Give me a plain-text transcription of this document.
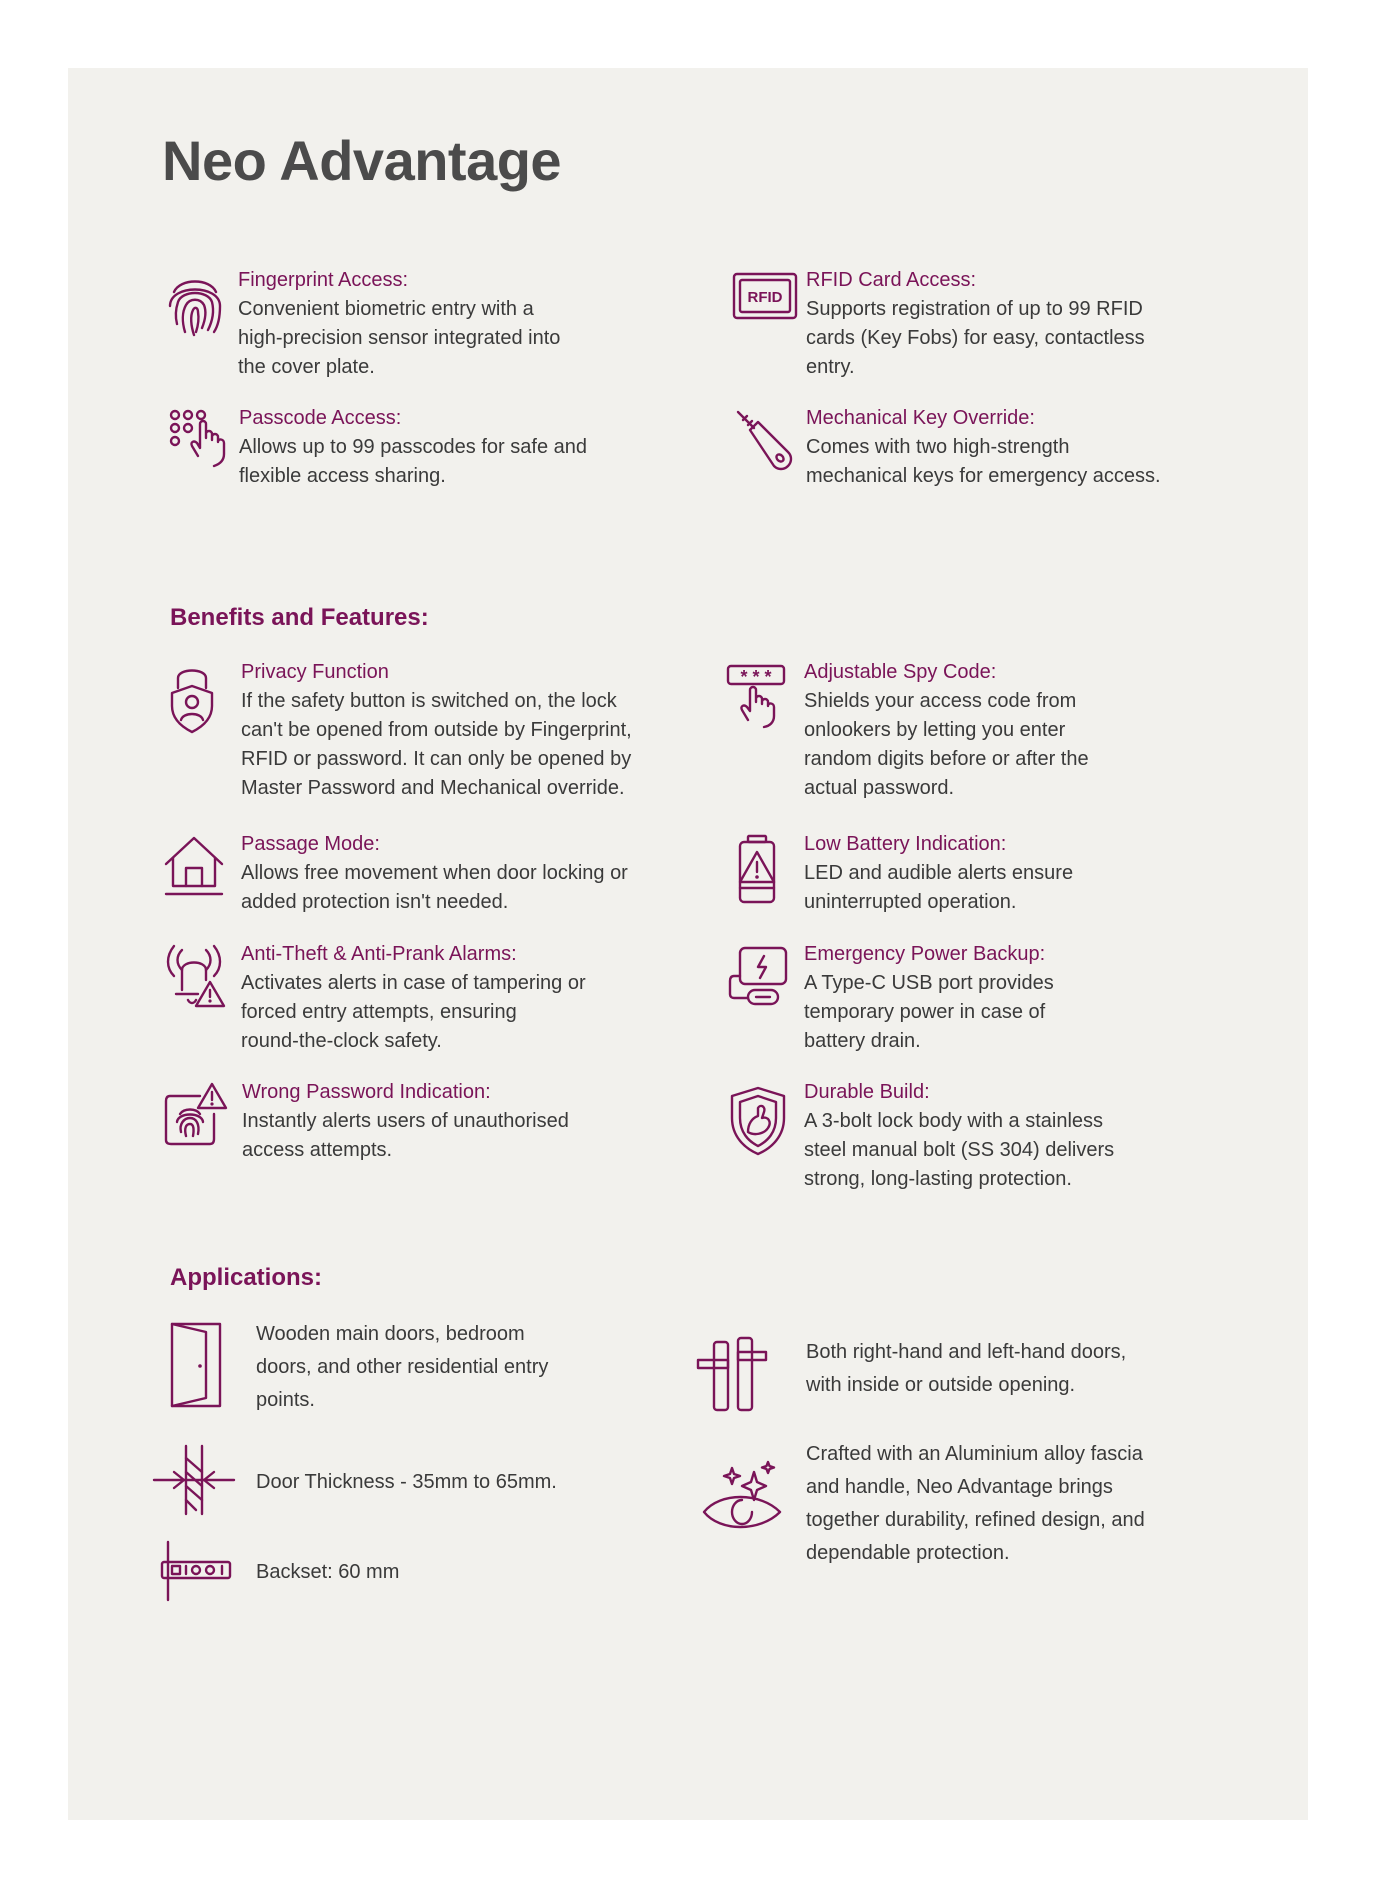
Neo Advantage
Fingerprint Access:
Convenient biometric entry with a
high-precision sensor integrated into
the cover plate.
RFID
RFID Card Access:
Supports registration of up to 99 RFID
cards (Key Fobs) for easy, contactless
entry.
Passcode Access:
Allows up to 99 passcodes for safe and
flexible access sharing.
Mechanical Key Override:
Comes with two high-strength
mechanical keys for emergency access.
Benefits and Features:
Privacy Function
If the safety button is switched on, the lock
can't be opened from outside by Fingerprint,
RFID or password. It can only be opened by
Master Password and Mechanical override.
* * * Adjustable Spy Code:
Shields your access code from
onlookers by letting you enter
random digits before or after the
actual password.
Passage Mode:
Allows free movement when door locking or
added protection isn't needed.
Low Battery Indication:
LED and audible alerts ensure
uninterrupted operation.
Anti-Theft & Anti-Prank Alarms:
Activates alerts in case of tampering or
forced entry attempts, ensuring
round-the-clock safety.
Emergency Power Backup:
A Type-C USB port provides
temporary power in case of
battery drain.
Wrong Password Indication:
Instantly alerts users of unauthorised
access attempts.
Durable Build:
A 3-bolt lock body with a stainless
steel manual bolt (SS 304) delivers
strong, long-lasting protection.
Applications:
Wooden main doors, bedroom
doors, and other residential entry
points.
Both right-hand and left-hand doors,
with inside or outside opening.
Door Thickness - 35mm to 65mm.
Crafted with an Aluminium alloy fascia
and handle, Neo Advantage brings
together durability, refined design, and
dependable protection.
Backset: 60 mm
